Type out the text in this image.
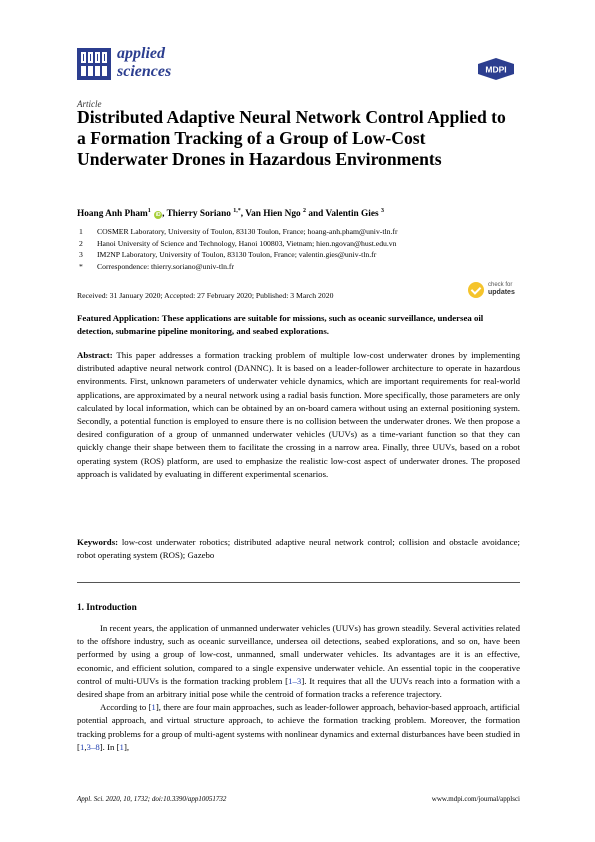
applied
sciences	MDPI
Article
Distributed Adaptive Neural Network Control Applied to a Formation Tracking of a Group of Low-Cost Underwater Drones in Hazardous Environments
Hoang Anh Pham$^1$ iD , Thierry Soriano $^{1,*}$, Van Hien Ngo $^2$ and Valentin Gies $^3$
1	COSMER Laboratory, University of Toulon, 83130 Toulon, France; hoang-anh.pham@univ-tln.fr
2	Hanoi University of Science and Technology, Hanoi 100803, Vietnam; hien.ngovan@hust.edu.vn
3	IM2NP Laboratory, University of Toulon, 83130 Toulon, France; valentin.gies@univ-tln.fr
*	Correspondence: thierry.soriano@univ-tln.fr
check for
updates
Received: 31 January 2020; Accepted: 27 February 2020; Published: 3 March 2020

Featured Application: These applications are suitable for missions, such as oceanic surveillance, undersea oil detection, submarine pipeline monitoring, and seabed explorations.

Abstract: This paper addresses a formation tracking problem of multiple low-cost underwater drones by implementing distributed adaptive neural network control (DANNC). It is based on a leader-follower architecture to operate in hazardous environments. First, unknown parameters of underwater vehicle dynamics, which are important requirements for real-world applications, are approximated by a neural network using a radial basis function. More specifically, those parameters are only calculated by local information, which can be obtained by an on-board camera without using an external positioning system. Secondly, a potential function is employed to ensure there is no collision between the underwater drones. We then propose a desired configuration of a group of unmanned underwater vehicles (UUVs) as a time-variant function so that they can quickly change their shape between them to facilitate the crossing in a narrow area. Finally, three UUVs, based on a robot operating system (ROS) platform, are used to emphasize the realistic low-cost aspect of underwater drones. The proposed approach is validated by evaluating in different experimental scenarios.

Keywords: low-cost underwater robotics; distributed adaptive neural network control; collision and obstacle avoidance; robot operating system (ROS); Gazebo

1. Introduction

In recent years, the application of unmanned underwater vehicles (UUVs) has grown steadily. Several activities related to the offshore industry, such as oceanic surveillance, undersea oil detections, seabed explorations, and so on, have been performed by using a group of low-cost, unmanned, small underwater vehicles. Its advantages are it is an effective, economic, and efficient solution, compared to a single expensive underwater vehicle. An essential topic in the cooperative control of multi-UUVs is the formation tracking problem [1–3]. It requires that all the UUVs reach into a formation with a desired shape from an arbitrary initial pose while the centroid of formation tracks a reference trajectory.

According to [1], there are four main approaches, such as leader-follower approach, behavior-based approach, artificial potential approach, and virtual structure approach, to achieve the formation tracking problem. Moreover, the formation tracking problems for a group of multi-agent systems with nonlinear dynamics and external disturbances have been studied in [1,3–8]. In [1],

Appl. Sci. 2020, 10, 1732; doi:10.3390/app10051732	www.mdpi.com/journal/applsci
